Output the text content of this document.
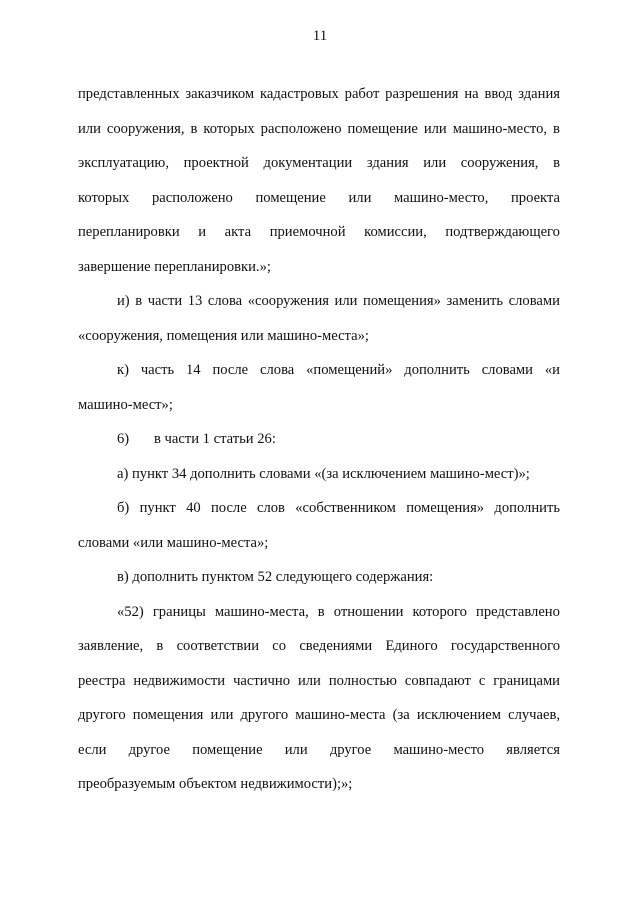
11
представленных заказчиком кадастровых работ разрешения на ввод здания
или сооружения, в которых расположено помещение или машино-место, в
эксплуатацию, проектной документации здания или сооружения, в
которых расположено помещение или машино-место, проекта
перепланировки и акта приемочной комиссии, подтверждающего
завершение перепланировки.»;
и) в части 13 слова «сооружения или помещения» заменить словами
«сооружения, помещения или машино-места»;
к) часть 14 после слова «помещений» дополнить словами «и
машино-мест»;
6) в части 1 статьи 26:
а) пункт 34 дополнить словами «(за исключением машино-мест)»;
б) пункт 40 после слов «собственником помещения» дополнить
словами «или машино-места»;
в) дополнить пунктом 52 следующего содержания:
«52) границы машино-места, в отношении которого представлено
заявление, в соответствии со сведениями Единого государственного
реестра недвижимости частично или полностью совпадают с границами
другого помещения или другого машино-места (за исключением случаев,
если другое помещение или другое машино-место является
преобразуемым объектом недвижимости);»;
